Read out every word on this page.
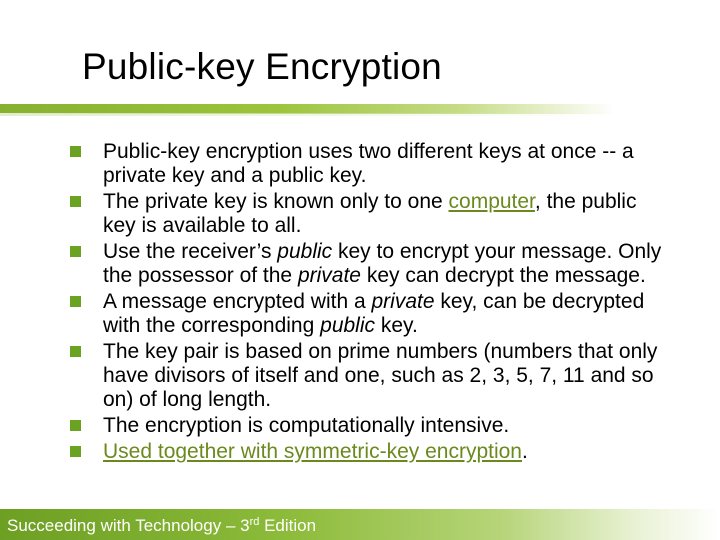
Public-key Encryption
Public-key encryption uses two different keys at once -- a private key and a public key.
The private key is known only to one computer, the public key is available to all.
Use the receiver’s public key to encrypt your message. Only the possessor of the private key can decrypt the message.
A message encrypted with a private key, can be decrypted with the corresponding public key.
The key pair is based on prime numbers (numbers that only have divisors of itself and one, such as 2, 3, 5, 7, 11 and so on) of long length.
The encryption is computationally intensive.
Used together with symmetric-key encryption.
Succeeding with Technology – 3rd Edition
